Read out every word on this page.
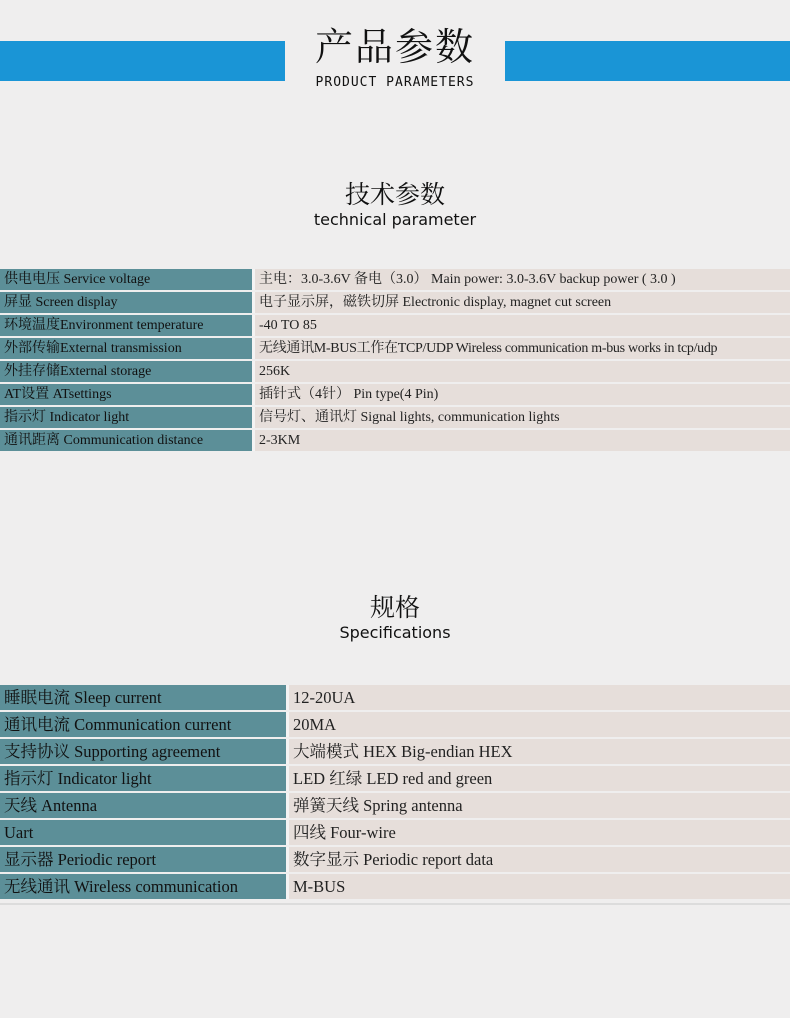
产品参数
PRODUCT PARAMETERS
技术参数
technical parameter
供电电压 Service voltage	主电：3.0-3.6V 备电（3.0） Main power: 3.0-3.6V backup power ( 3.0 )
屏显 Screen display	电子显示屏，磁铁切屏 Electronic display, magnet cut screen
环境温度Environment temperature	-40 TO 85
外部传输External transmission	无线通讯M-BUS工作在TCP/UDP Wireless communication m-bus works in tcp/udp
外挂存储External storage	256K
AT设置 ATsettings	插针式（4针） Pin type(4 Pin)
指示灯 Indicator light	信号灯、通讯灯 Signal lights, communication lights
通讯距离 Communication distance	2-3KM
规格
Specifications
睡眠电流 Sleep current	12-20UA
通讯电流 Communication current	20MA
支持协议 Supporting agreement	大端模式 HEX Big-endian HEX
指示灯 Indicator light	LED 红绿 LED red and green
天线 Antenna	弹簧天线 Spring antenna
Uart	四线 Four-wire
显示器 Periodic report	数字显示 Periodic report data
无线通讯 Wireless communication	M-BUS
